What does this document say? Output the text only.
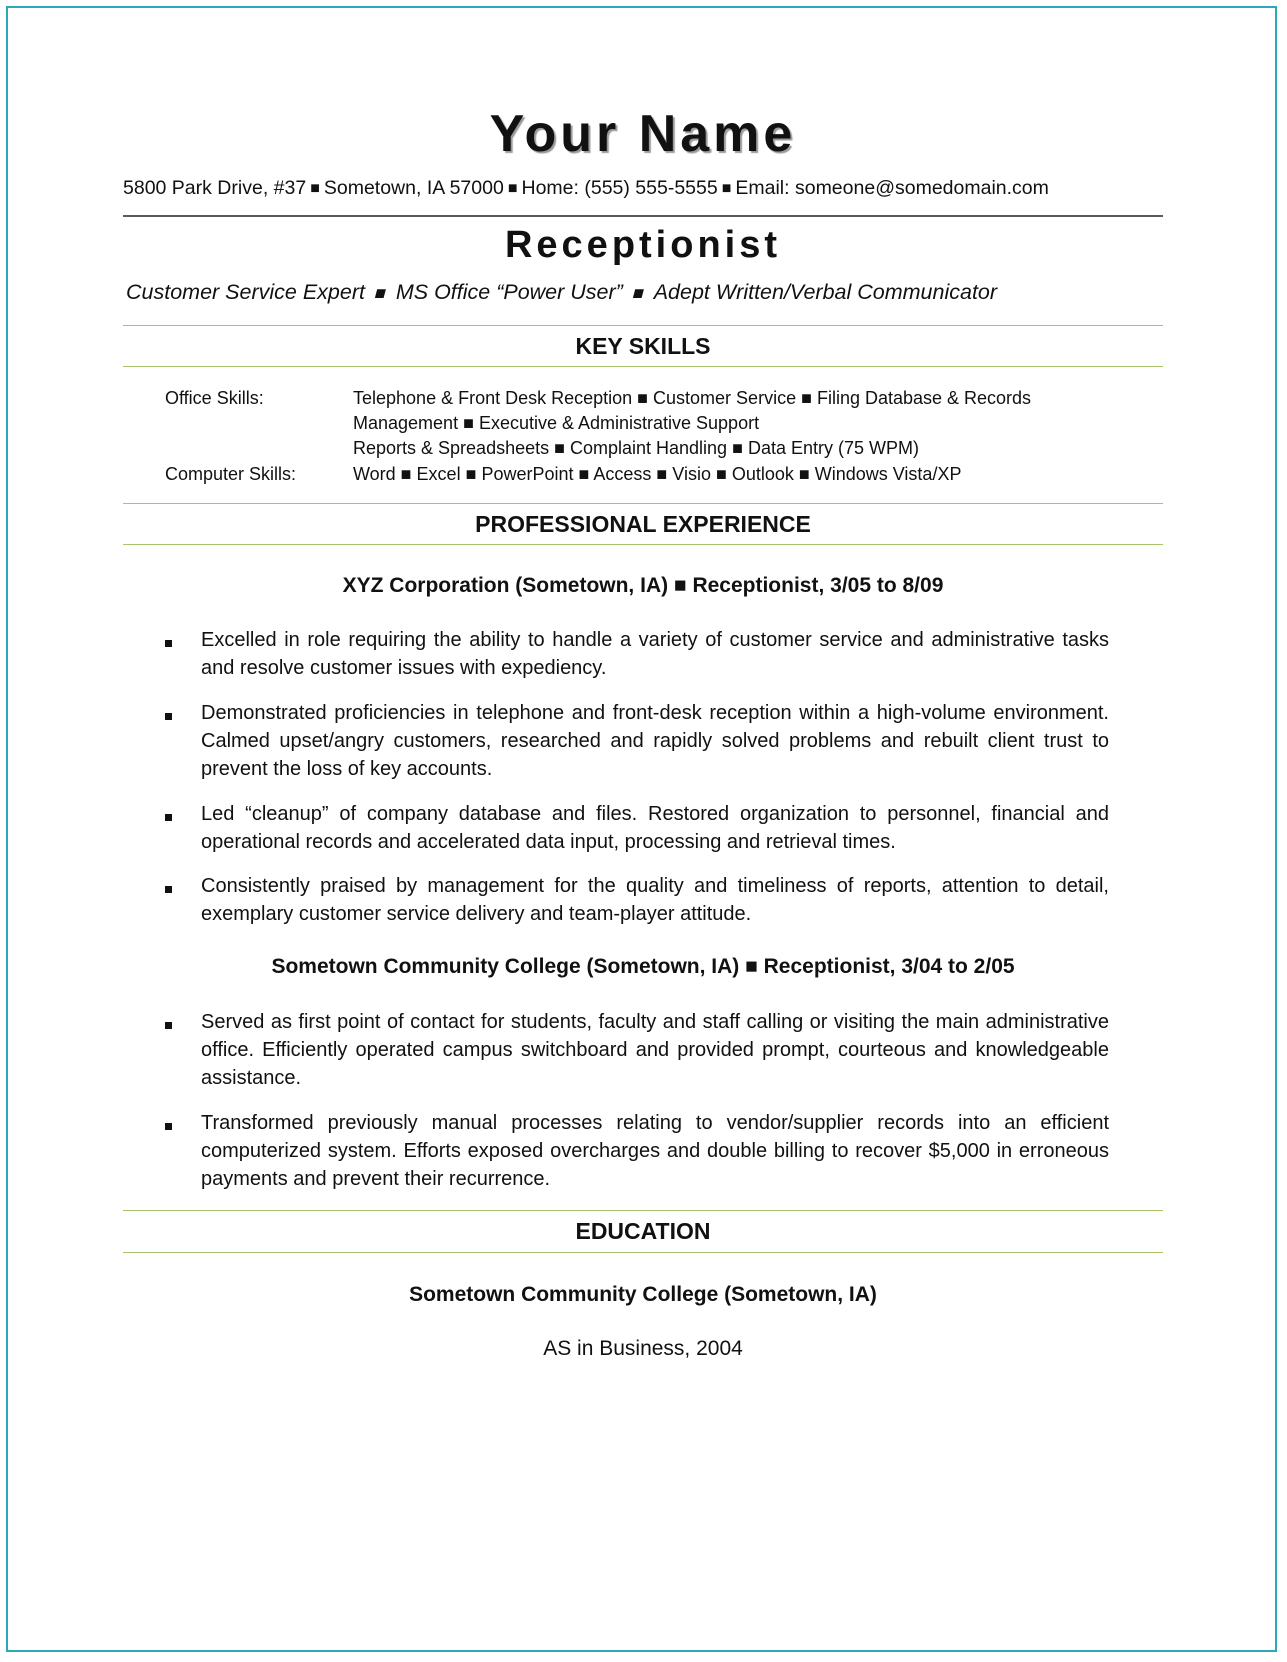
Your Name
5800 Park Drive, #37 ■ Sometown, IA 57000 ■ Home: (555) 555-5555 ■ Email: someone@somedomain.com
Receptionist
Customer Service Expert ■ MS Office “Power User” ■ Adept Written/Verbal Communicator
KEY SKILLS
Office Skills:	Telephone & Front Desk Reception ■ Customer Service ■ Filing Database & Records
Management ■ Executive & Administrative Support
Reports & Spreadsheets ■ Complaint Handling ■ Data Entry (75 WPM)
Computer Skills:	Word ■ Excel ■ PowerPoint ■ Access ■ Visio ■ Outlook ■ Windows Vista/XP
PROFESSIONAL EXPERIENCE
XYZ Corporation (Sometown, IA) ■ Receptionist, 3/05 to 8/09
Excelled in role requiring the ability to handle a variety of customer service and administrative tasks and resolve customer issues with expediency.
Demonstrated proficiencies in telephone and front-desk reception within a high-volume environment. Calmed upset/angry customers, researched and rapidly solved problems and rebuilt client trust to prevent the loss of key accounts.
Led “cleanup” of company database and files. Restored organization to personnel, financial and operational records and accelerated data input, processing and retrieval times.
Consistently praised by management for the quality and timeliness of reports, attention to detail, exemplary customer service delivery and team-player attitude.
Sometown Community College (Sometown, IA) ■ Receptionist, 3/04 to 2/05
Served as first point of contact for students, faculty and staff calling or visiting the main administrative office. Efficiently operated campus switchboard and provided prompt, courteous and knowledgeable assistance.
Transformed previously manual processes relating to vendor/supplier records into an efficient computerized system. Efforts exposed overcharges and double billing to recover $5,000 in erroneous payments and prevent their recurrence.
EDUCATION
Sometown Community College (Sometown, IA)
AS in Business, 2004
